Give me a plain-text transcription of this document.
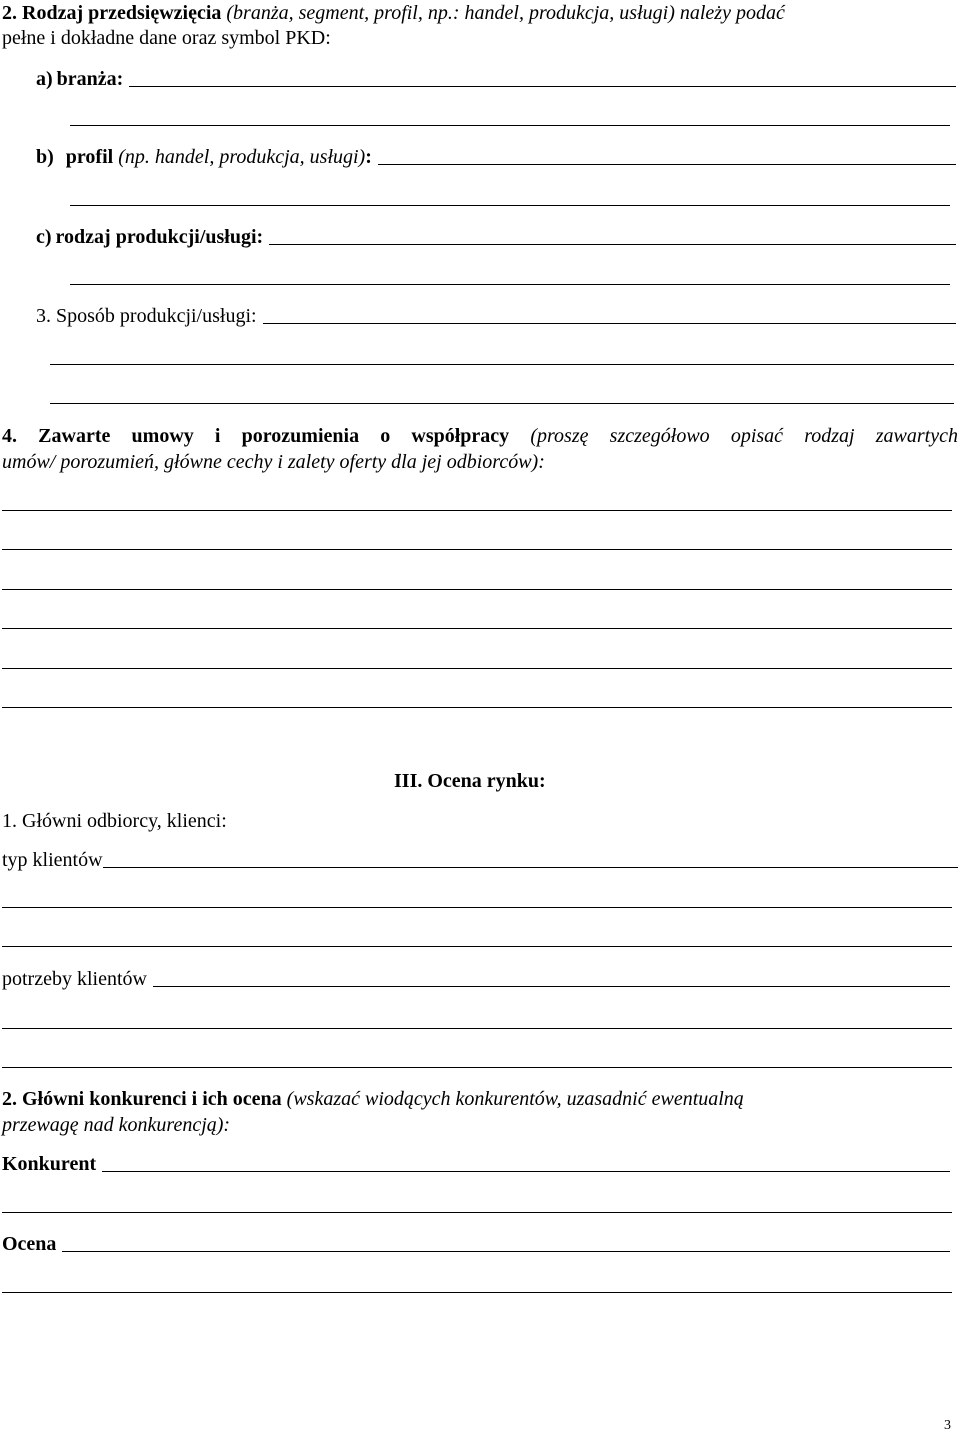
2. Rodzaj przedsięwzięcia (branża, segment, profil, np.: handel, produkcja, usługi) należy podać
pełne i dokładne dane oraz symbol PKD:
a) branża:
b) profil (np. handel, produkcja, usługi) :
c) rodzaj produkcji/usługi:
3. Sposób produkcji/usługi:
4. Zawarte umowy i porozumienia o współpracy (proszę szczegółowo opisać rodzaj zawartych
umów/ porozumień, główne cechy i zalety oferty dla jej odbiorców):
III. Ocena rynku:
1. Główni odbiorcy, klienci:
typ klientów
potrzeby klientów
2. Główni konkurenci i ich ocena (wskazać wiodących konkurentów, uzasadnić ewentualną
przewagę nad konkurencją):
Konkurent
Ocena
3
